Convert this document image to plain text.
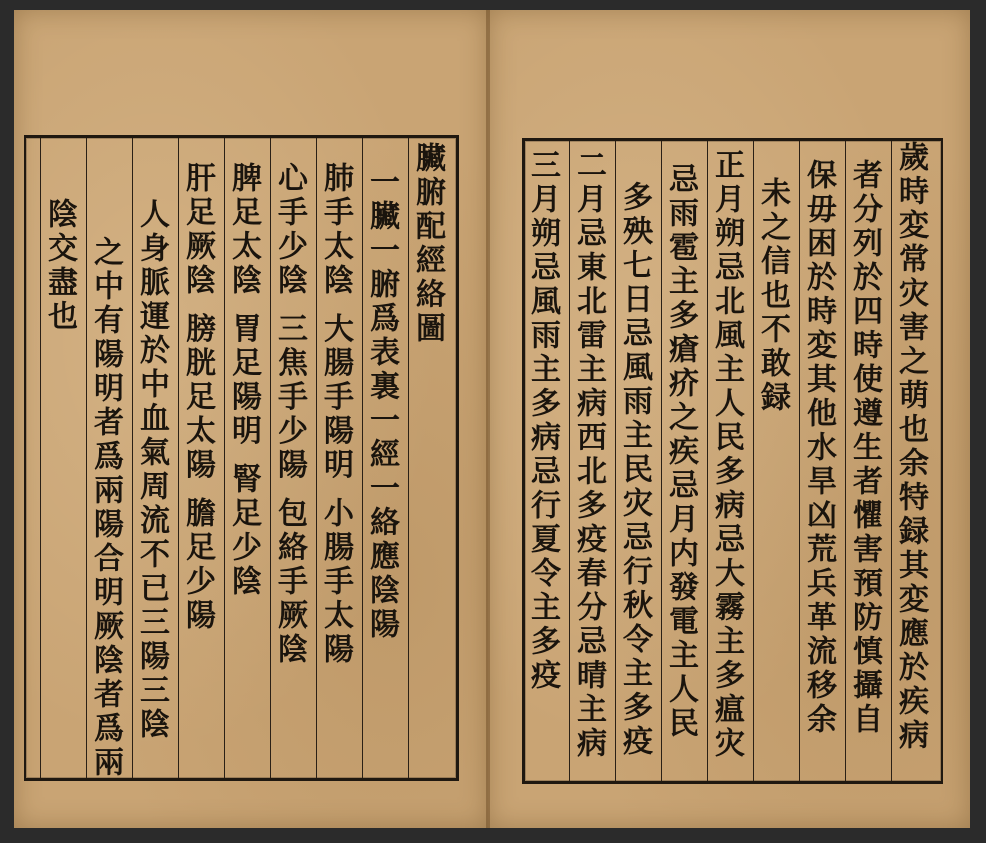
臟腑配經絡圖
一臟一腑爲表裏一經一絡應陰陽
肺手太陰 大腸手陽明 小腸手太陽
心手少陰 三焦手少陽 包絡手厥陰
脾足太陰 胃足陽明 腎足少陰
肝足厥陰 膀胱足太陽 膽足少陽
人身脈運於中血氣周流不已三陽三陰
之中有陽明者爲兩陽合明厥陰者爲兩
陰交盡也	歲時変常灾害之萌也余特録其変應於疾病
者分列於四時使遵生者懼害預防慎攝自
保毋困於時変其他水旱凶荒兵革流移余
未之信也不敢録
正月朔忌北風主人民多病忌大霧主多瘟灾
忌雨雹主多瘡疥之疾忌月内發電主人民
多殃七日忌風雨主民灾忌行秋令主多疫
二月忌東北雷主病西北多疫春分忌晴主病
三月朔忌風雨主多病忌行夏令主多疫
